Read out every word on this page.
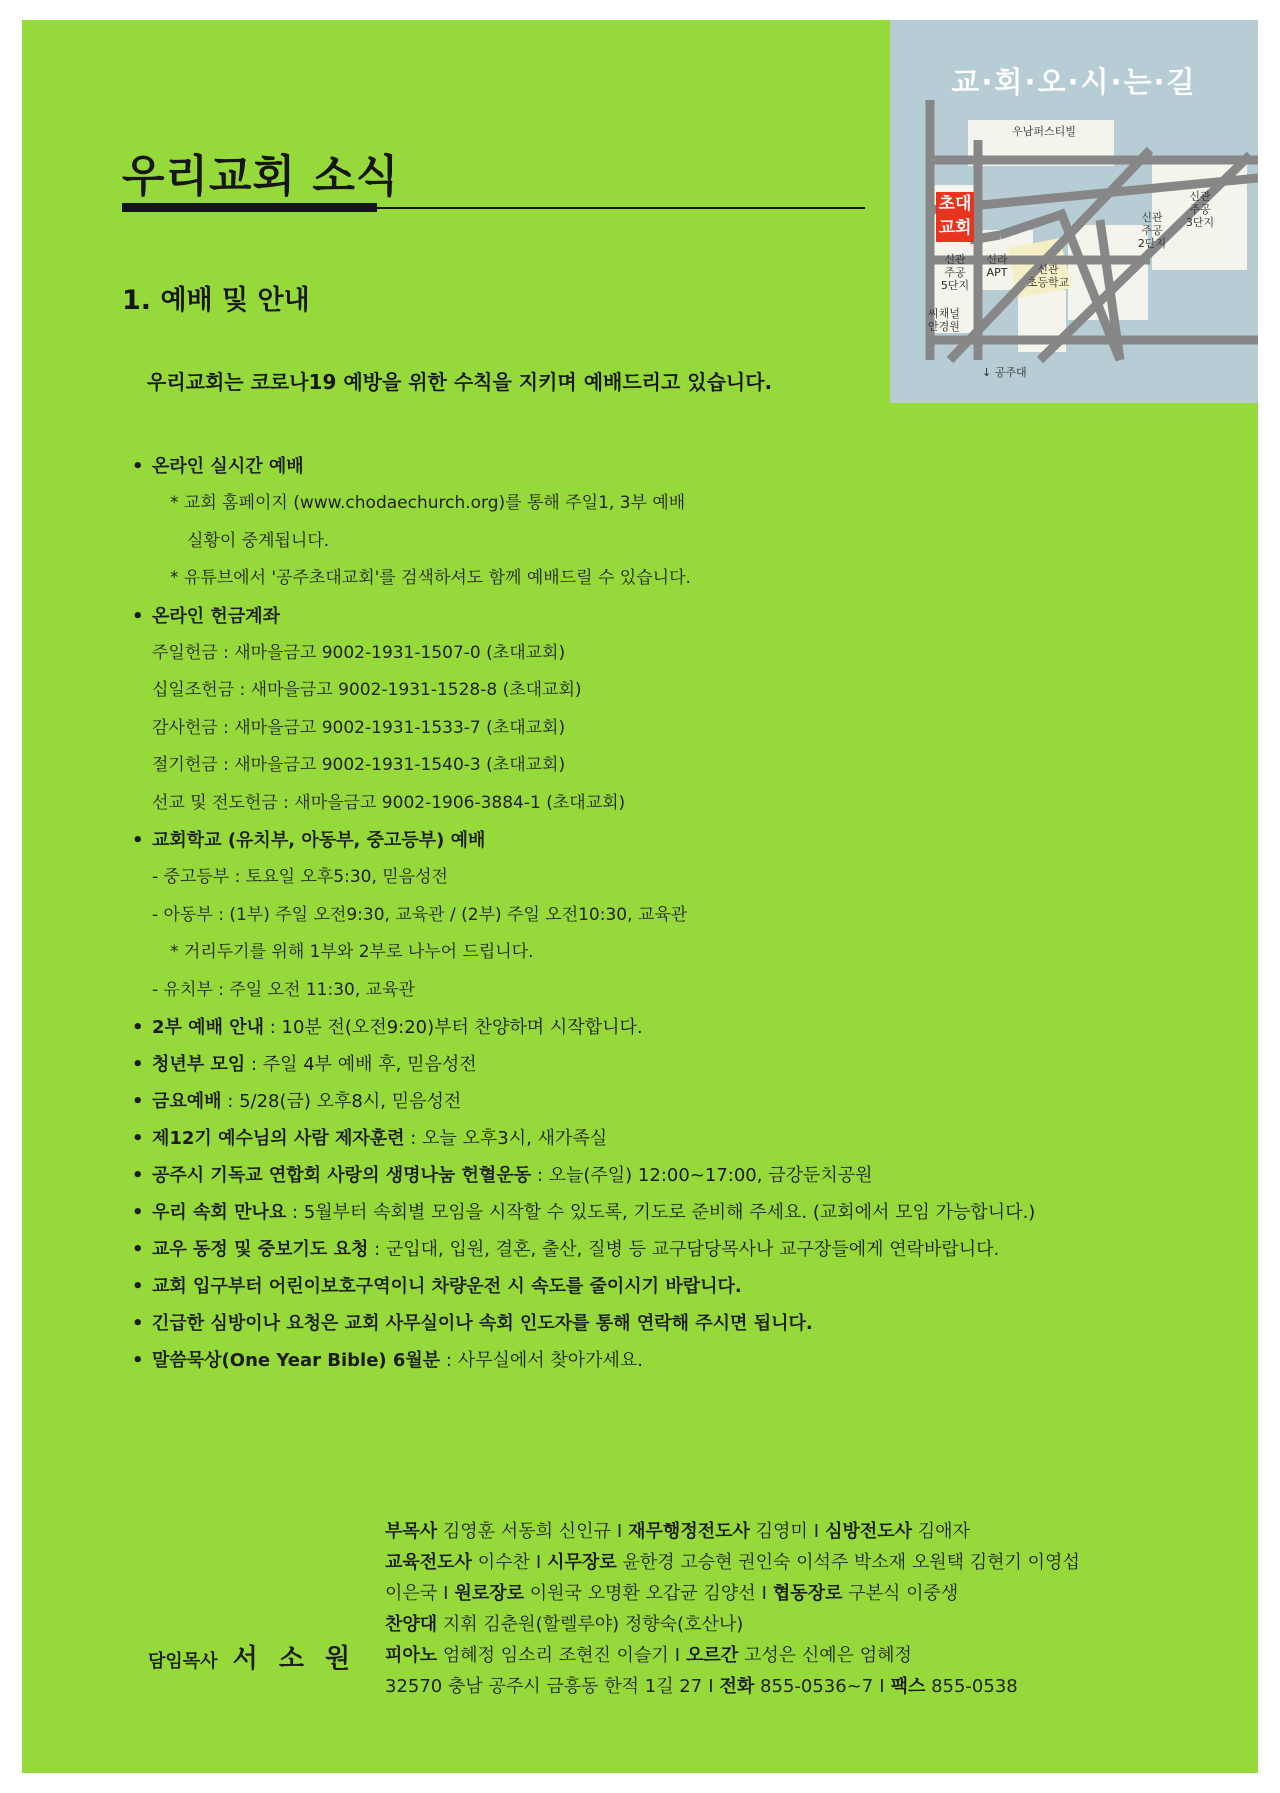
우리교회 소식
1. 예배 및 안내

우리교회는 코로나19 예방을 위한 수칙을 지키며 예배드리고 있습니다.

• 온라인 실시간 예배
* 교회 홈페이지 (www.chodaechurch.org)를 통해 주일1, 3부 예배
실황이 중계됩니다.
* 유튜브에서 '공주초대교회'를 검색하셔도 함께 예배드릴 수 있습니다.
• 온라인 헌금계좌
주일헌금 : 새마을금고 9002-1931-1507-0 (초대교회)
십일조헌금 : 새마을금고 9002-1931-1528-8 (초대교회)
감사헌금 : 새마을금고 9002-1931-1533-7 (초대교회)
절기헌금 : 새마을금고 9002-1931-1540-3 (초대교회)
선교 및 전도헌금 : 새마을금고 9002-1906-3884-1 (초대교회)
• 교회학교 (유치부, 아동부, 중고등부) 예배
- 중고등부 : 토요일 오후5:30, 믿음성전
- 아동부 : (1부) 주일 오전9:30, 교육관 / (2부) 주일 오전10:30, 교육관
* 거리두기를 위해 1부와 2부로 나누어 드립니다.
- 유치부 : 주일 오전 11:30, 교육관
• 2부 예배 안내 : 10분 전(오전9:20)부터 찬양하며 시작합니다.
• 청년부 모임 : 주일 4부 예배 후, 믿음성전
• 금요예배 : 5/28(금) 오후8시, 믿음성전
• 제12기 예수님의 사람 제자훈련 : 오늘 오후3시, 새가족실
• 공주시 기독교 연합회 사랑의 생명나눔 헌혈운동 : 오늘(주일) 12:00~17:00, 금강둔치공원
• 우리 속회 만나요 : 5월부터 속회별 모임을 시작할 수 있도록, 기도로 준비해 주세요. (교회에서 모임 가능합니다.)
• 교우 동정 및 중보기도 요청 : 군입대, 입원, 결혼, 출산, 질병 등 교구담당목사나 교구장들에게 연락바랍니다.
• 교회 입구부터 어린이보호구역이니 차량운전 시 속도를 줄이시기 바랍니다.
• 긴급한 심방이나 요청은 교회 사무실이나 속회 인도자를 통해 연락해 주시면 됩니다.
• 말씀묵상(One Year Bible) 6월분 : 사무실에서 찾아가세요.

교·회·오·시·는·길

초대
교회
우남퍼스티빌
신관
주공
3단지
신관
주공
2단지
신관
주공
5단지
신라
APT	신관
초등학교
씨채널
안경원
↓ 공주대
부목사 김영훈 서동희 신인규 I 재무행정전도사 김영미 I 심방전도사 김애자
교육전도사 이수찬 I 시무장로 윤한경 고승현 권인숙 이석주 박소재 오원택 김현기 이영섭
이은국 I 원로장로 이원국 오명환 오갑균 김양선 I 협동장로 구본식 이중생
찬양대 지휘 김춘원(할렐루야) 정향숙(호산나)
피아노 엄혜정 임소리 조현진 이슬기 I 오르간 고성은 신예은 엄혜정
32570 충남 공주시 금흥동 한적 1길 27 I 전화 855-0536~7 I 팩스 855-0538
담임목사 서 소 원
